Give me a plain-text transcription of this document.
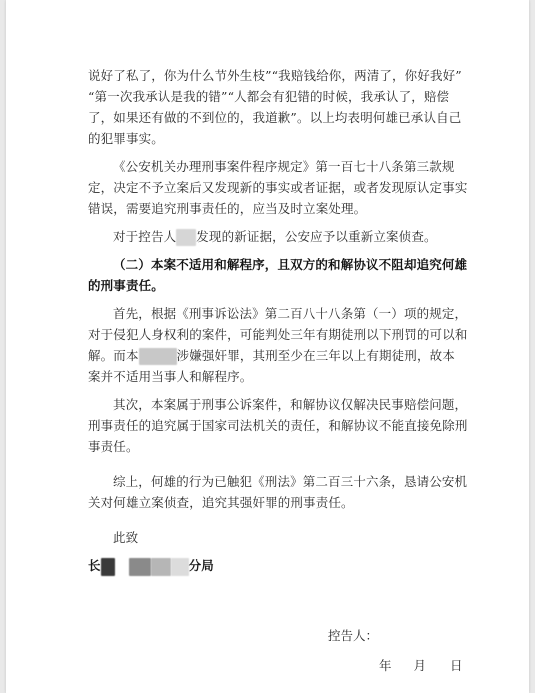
说好了私了，你为什么节外生枝”“我赔钱给你，两清了，你好我好”
“第一次我承认是我的错”“人都会有犯错的时候，我承认了，赔偿
了，如果还有做的不到位的，我道歉”。以上均表明何雄已承认自己
的犯罪事实。
《公安机关办理刑事案件程序规定》第一百七十八条第三款规
定，决定不予立案后又发现新的事实或者证据，或者发现原认定事实
错误，需要追究刑事责任的，应当及时立案处理。
对于控告人 发现的新证据，公安应予以重新立案侦查。
（二）本案不适用和解程序，且双方的和解协议不阻却追究何雄
的刑事责任。
首先，根据《刑事诉讼法》第二百八十八条第（一）项的规定，
对于侵犯人身权利的案件，可能判处三年有期徒刑以下刑罚的可以和
解。而本	涉嫌强奸罪，其刑至少在三年以上有期徒刑，故本
案并不适用当事人和解程序。
其次，本案属于刑事公诉案件，和解协议仅解决民事赔偿问题，
刑事责任的追究属于国家司法机关的责任，和解协议不能直接免除刑
事责任。
综上，何雄的行为已触犯《刑法》第二百三十六条，恳请公安机
关对何雄立案侦查，追究其强奸罪的刑事责任。
此致
长	分局
控告人：
年 月 日
